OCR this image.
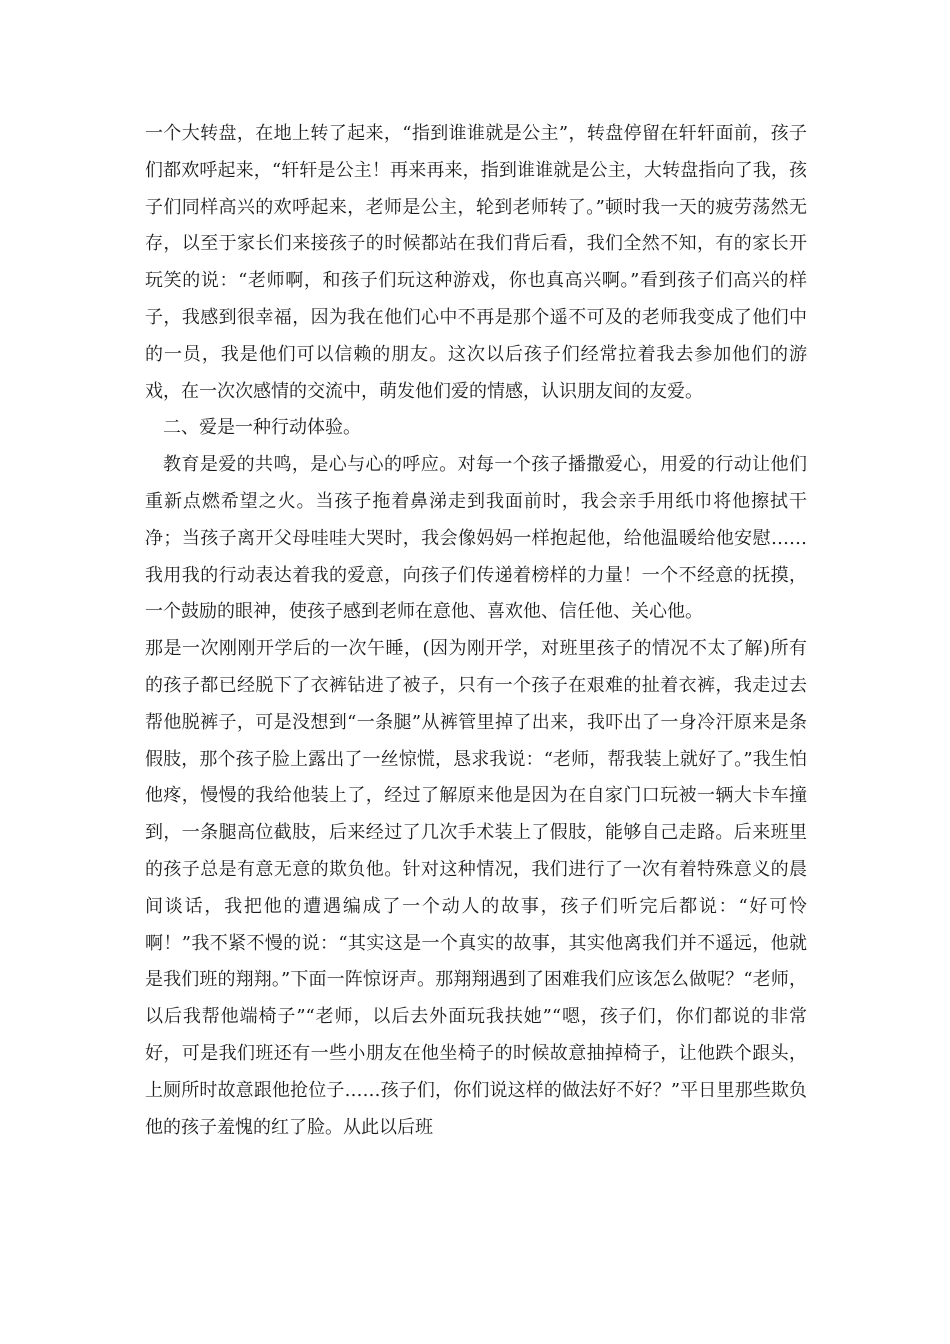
一个大转盘，在地上转了起来，“指到谁谁就是公主”，转盘停留在轩轩面前，孩子们都欢呼起来，“轩轩是公主！再来再来，指到谁谁就是公主，大转盘指向了我，孩子们同样高兴的欢呼起来，老师是公主，轮到老师转了。”顿时我一天的疲劳荡然无存，以至于家长们来接孩子的时候都站在我们背后看，我们全然不知，有的家长开玩笑的说：“老师啊，和孩子们玩这种游戏，你也真高兴啊。”看到孩子们高兴的样子，我感到很幸福，因为我在他们心中不再是那个遥不可及的老师我变成了他们中的一员，我是他们可以信赖的朋友。这次以后孩子们经常拉着我去参加他们的游戏，在一次次感情的交流中，萌发他们爱的情感，认识朋友间的友爱。

二、爱是一种行动体验。

教育是爱的共鸣，是心与心的呼应。对每一个孩子播撒爱心，用爱的行动让他们重新点燃希望之火。当孩子拖着鼻涕走到我面前时，我会亲手用纸巾将他擦拭干净；当孩子离开父母哇哇大哭时，我会像妈妈一样抱起他，给他温暖给他安慰……我用我的行动表达着我的爱意，向孩子们传递着榜样的力量！一个不经意的抚摸，一个鼓励的眼神，使孩子感到老师在意他、喜欢他、信任他、关心他。

那是一次刚刚开学后的一次午睡，(因为刚开学，对班里孩子的情况不太了解)所有的孩子都已经脱下了衣裤钻进了被子，只有一个孩子在艰难的扯着衣裤，我走过去帮他脱裤子，可是没想到“一条腿”从裤管里掉了出来，我吓出了一身冷汗原来是条假肢，那个孩子脸上露出了一丝惊慌，恳求我说：“老师，帮我装上就好了。”我生怕他疼，慢慢的我给他装上了，经过了解原来他是因为在自家门口玩被一辆大卡车撞到，一条腿高位截肢，后来经过了几次手术装上了假肢，能够自己走路。后来班里的孩子总是有意无意的欺负他。针对这种情况，我们进行了一次有着特殊意义的晨间谈话，我把他的遭遇编成了一个动人的故事，孩子们听完后都说：“好可怜啊！”我不紧不慢的说：“其实这是一个真实的故事，其实他离我们并不遥远，他就是我们班的翔翔。”下面一阵惊讶声。那翔翔遇到了困难我们应该怎么做呢？“老师，以后我帮他端椅子”“老师，以后去外面玩我扶她”“嗯，孩子们，你们都说的非常好，可是我们班还有一些小朋友在他坐椅子的时候故意抽掉椅子，让他跌个跟头，上厕所时故意跟他抢位子……孩子们，你们说这样的做法好不好？”平日里那些欺负他的孩子羞愧的红了脸。从此以后班
